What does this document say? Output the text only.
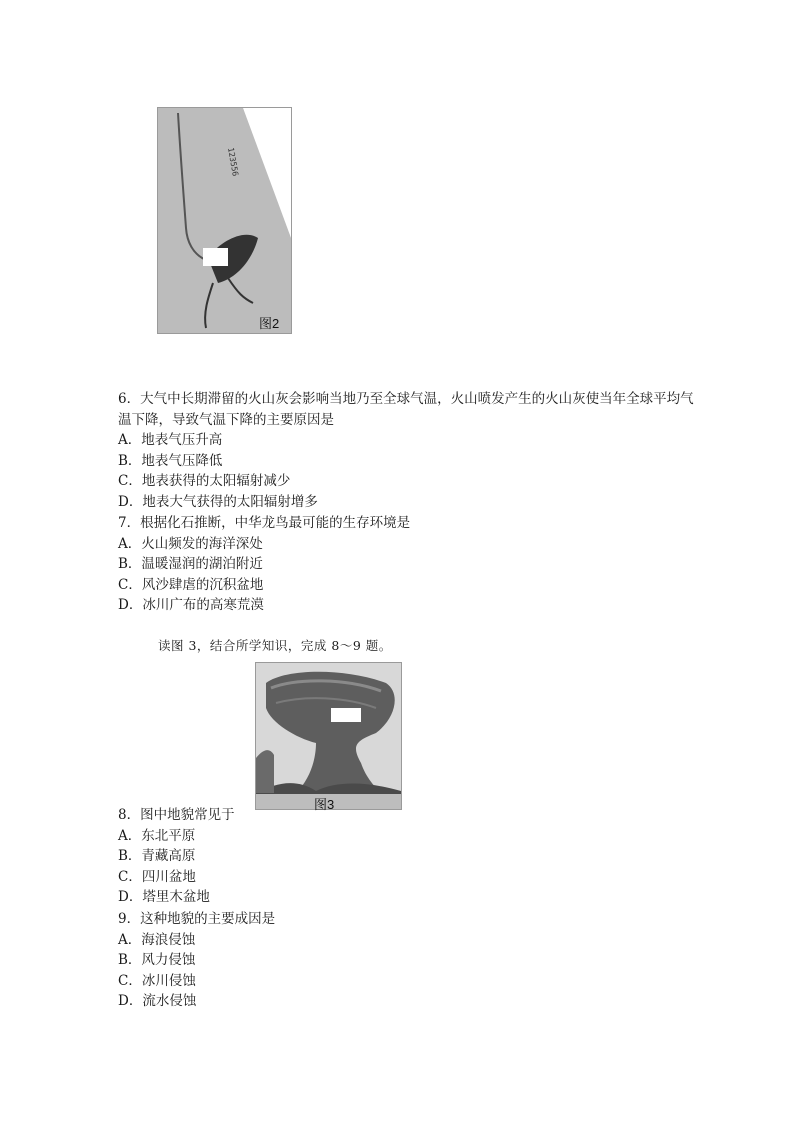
123556
图2
6．大气中长期滞留的火山灰会影响当地乃至全球气温，火山喷发产生的火山灰使当年全球平均气温下降，导致气温下降的主要原因是
A．地表气压升高
B．地表气压降低
C．地表获得的太阳辐射减少
D．地表大气获得的太阳辐射增多
7．根据化石推断，中华龙鸟最可能的生存环境是
A．火山频发的海洋深处
B．温暖湿润的湖泊附近
C．风沙肆虐的沉积盆地
D．冰川广布的高寒荒漠
读图 3，结合所学知识，完成 8～9 题。
图3
8．图中地貌常见于
A．东北平原
B．青藏高原
C．四川盆地
D．塔里木盆地
9．这种地貌的主要成因是
A．海浪侵蚀
B．风力侵蚀
C．冰川侵蚀
D．流水侵蚀
